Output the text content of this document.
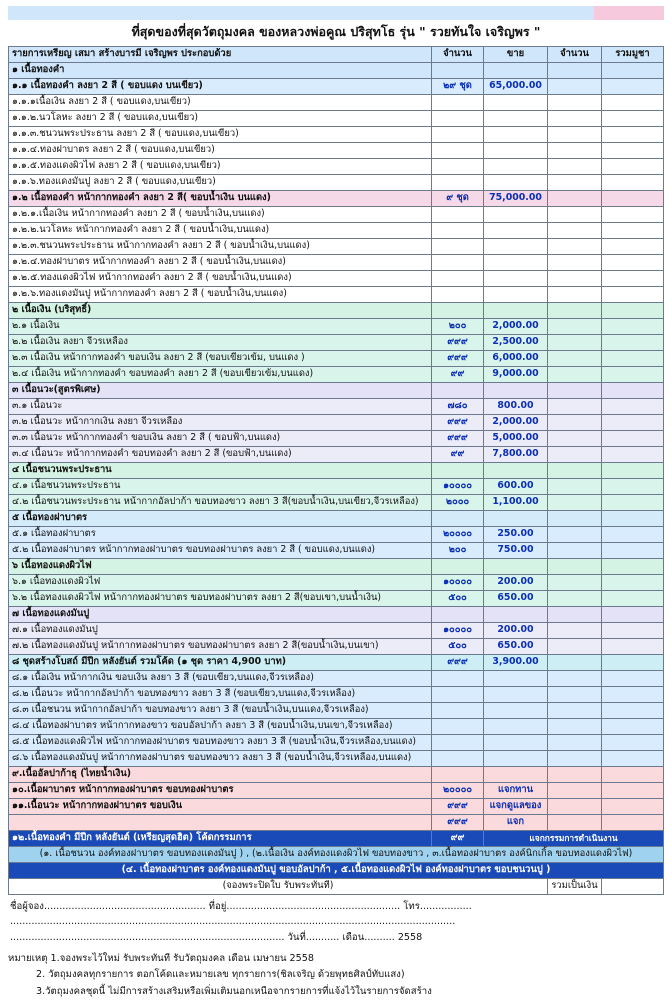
ที่สุดของที่สุดวัตถุมงคล ของหลวงพ่อคูณ ปริสุทโธ รุ่น " รวยทันใจ เจริญพร "
รายการเหรียญ เสมา สร้างบารมี เจริญพร ประกอบด้วย	จำนวน	ขาย	จำนวน	รวมมูชา
๑ เนื้อทองคำ				
๑.๑ เนื้อทองคำ ลงยา 2 สี ( ขอบแดง บนเขียว)	๒๙ ชุด	65,000.00		
๑.๑.๑เนื้อเงิน ลงยา 2 สี ( ขอบแดง,บนเขียว)				
๑.๑.๒.นวโลหะ ลงยา 2 สี ( ขอบแดง,บนเขียว)				
๑.๑.๓.ชนวนพระประธาน ลงยา 2 สี ( ขอบแดง,บนเขียว)				
๑.๑.๔.ทองฝาบาตร ลงยา 2 สี ( ขอบแดง,บนเขียว)				
๑.๑.๕.ทองแดงผิวไฟ ลงยา 2 สี ( ขอบแดง,บนเขียว)				
๑.๑.๖.ทองแดงมันปู ลงยา 2 สี ( ขอบแดง,บนเขียว)				
๑.๒ เนื้อทองคำ หน้ากากทองคำ ลงยา 2 สี( ขอบน้ำเงิน บนแดง)	๙ ชุด	75,000.00		
๑.๒.๑.เนื้อเงิน หน้ากากทองคำ ลงยา 2 สี ( ขอบน้ำเงิน,บนแดง)				
๑.๒.๒.นวโลหะ หน้ากากทองคำ ลงยา 2 สี ( ขอบน้ำเงิน,บนแดง)				
๑.๒.๓.ชนวนพระประธาน หน้ากากทองคำ ลงยา 2 สี ( ขอบน้ำเงิน,บนแดง)				
๑.๒.๔.ทองฝาบาตร หน้ากากทองคำ ลงยา 2 สี ( ขอบน้ำเงิน,บนแดง)				
๑.๒.๕.ทองแดงผิวไฟ หน้ากากทองคำ ลงยา 2 สี ( ขอบน้ำเงิน,บนแดง)				
๑.๒.๖.ทองแดงมันปู หน้ากากทองคำ ลงยา 2 สี ( ขอบน้ำเงิน,บนแดง)				
๒ เนื้อเงิน (บริสุทธิ์)				
๒.๑ เนื้อเงิน	๒๐๐	2,000.00		
๒.๒ เนื้อเงิน ลงยา จีวรเหลือง	๙๙๙	2,500.00		
๒.๓ เนื้อเงิน หน้ากากทองคำ ขอบเงิน ลงยา 2 สี (ขอบเขียวเข้ม, บนแดง )	๙๙๙	6,000.00		
๒.๔ เนื้อเงิน หน้ากากทองคำ ขอบทองคำ ลงยา 2 สี (ขอบเขียวเข้ม,บนแดง)	๙๙	9,000.00		
๓ เนื้อนวะ(สูตรพิเศษ)				
๓.๑ เนื้อนวะ	๗๘๐	800.00		
๓.๒ เนื้อนวะ หน้ากากเงิน ลงยา จีวรเหลือง	๙๙๙	2,000.00		
๓.๓ เนื้อนวะ หน้ากากทองคำ ขอบเงิน ลงยา 2 สี ( ขอบฟ้า,บนแดง)	๙๙๙	5,000.00		
๓.๔ เนื้อนวะ หน้ากากทองคำ ขอบทองคำ ลงยา 2 สี (ขอบฟ้า,บนแดง)	๙๙	7,800.00		
๔ เนื้อชนวนพระประธาน				
๔.๑ เนื้อชนวนพระประธาน	๑๐๐๐๐	600.00		
๔.๒ เนื้อชนวนพระประธาน หน้ากากอัลปาก้า ขอบทองขาว ลงยา 3 สี(ขอบน้ำเงิน,บนเขียว,จีวรเหลือง)	๒๐๐๐	1,100.00		
๕ เนื้อทองฝาบาตร				
๕.๑ เนื้อทองฝาบาตร	๒๐๐๐๐	250.00		
๕.๒ เนื้อทองฝาบาตร หน้ากากทองฝาบาตร ขอบทองฝาบาตร ลงยา 2 สี ( ขอบแดง,บนแดง)	๒๐๐	750.00		
๖ เนื้อทองแดงผิวไฟ				
๖.๑ เนื้อทองแดงผิวไฟ	๑๐๐๐๐	200.00		
๖.๒ เนื้อทองแดงผิวไฟ หน้ากากทองฝาบาตร ขอบทองฝาบาตร ลงยา 2 สี(ขอบเขา,บนน้ำเงิน)	๕๐๐	650.00		
๗ เนื้อทองแดงมันปู				
๗.๑ เนื้อทองแดงมันปู	๑๐๐๐๐	200.00		
๗.๒ เนื้อทองแดงมันปู หน้ากากทองฝาบาตร ขอบทองฝาบาตร ลงยา 2 สี(ขอบน้ำเงิน,บนเขา)	๕๐๐	650.00		
๘ ชุดสร้างโบสถ์ มีปีก หลังยันต์ รวมโค้ด (๑ ชุด ราคา 4,900 บาท)	๙๙๙	3,900.00		
๘.๑ เนื้อเงิน หน้ากากเงิน ขอบเงิน ลงยา 3 สี (ขอบเขียว,บนแดง,จีวรเหลือง)				
๘.๒ เนื้อนวะ หน้ากากอัลปาก้า ขอบทองขาว ลงยา 3 สี (ขอบเขียว,บนแดง,จีวรเหลือง)				
๘.๓ เนื้อชนวน หน้ากากอัลปาก้า ขอบทองขาว ลงยา 3 สี (ขอบน้ำเงิน,บนแดง,จีวรเหลือง)				
๘.๔ เนื้อทองฝาบาตร หน้ากากทองขาว ขอบอัลปาก้า ลงยา 3 สี (ขอบน้ำเงิน,บนเขา,จีวรเหลือง)				
๘.๕ เนื้อทองแดงผิวไฟ หน้ากากทองฝาบาตร ขอบทองขาว ลงยา 3 สี (ขอบน้ำเงิน,จีวรเหลือง,บนแดง)				
๘.๖ เนื้อทองแดงมันปู หน้ากากทองฝาบาตร ขอบทองขาว ลงยา 3 สี (ขอบน้ำเงิน,จีวรเหลือง,บนแดง)				
๙.เนื้ออัลปาก้าธุ (ไทยน้ำเงิน)				
๑๐.เนื้อผาบาตร หน้ากากทองฝาบาตร ขอบทองฝาบาตร	๒๐๐๐๐	แจกทาน		
๑๑.เนื้อนวะ หน้ากากทองฝาบาตร ขอบเงิน	๙๙๙	แจกดูแลของ		
	๙๙๙	แจก		
๑๒.เนื้อทองคำ มีปีก หลังยันต์ (เหรียญสุดฮิต) โค้ดกรรมการ	๙๙	แจกกรรมการดำเนินงาน		
(๑. เนื้อชนวน องค์ทองฝาบาตร ขอบทองแดงมันปู ) , (๒.เนื้อเงิน องค์ทองแดงผิวไฟ ขอบทองขาว , ๓.เนื้อทองฝาบาตร องค์นิกเกิ้ล ขอบทองแดงผิวไฟ)				
(๔. เนื้อทองฝาบาตร องค์ทองแดงมันปู ขอบอัลปาก้า , ๕.เนื้อทองแดงผิวไฟ องค์ทองฝาบาตร ขอบชนวนปู )				
(จองพระปิดใบ รับพระทันที)			รวมเป็นเงิน	
ชื่อผู้จอง..................................................... ที่อยู่......................................................... โทร.................
..................................................................................................................................................
.......................................................................................... วันที่........... เดือน.......... 2558
หมายเหตุ 1.จองพระไว้ใหม่ รับพระทันที รับวัตถุมงคล เดือน เมษายน 2558
2. วัตถุมงคลทุกรายการ ตอกโค้ดและหมายเลข ทุกรายการ(ชิลเจริญ ด้วยพุทธศิลป์ทับแสง)
3.วัตถุมงคลชุดนี้ ไม่มีการสร้างเสริมหรือเพิ่มเติมนอกเหนือจากรายการที่แจ้งไว้ในรายการจัดสร้าง
